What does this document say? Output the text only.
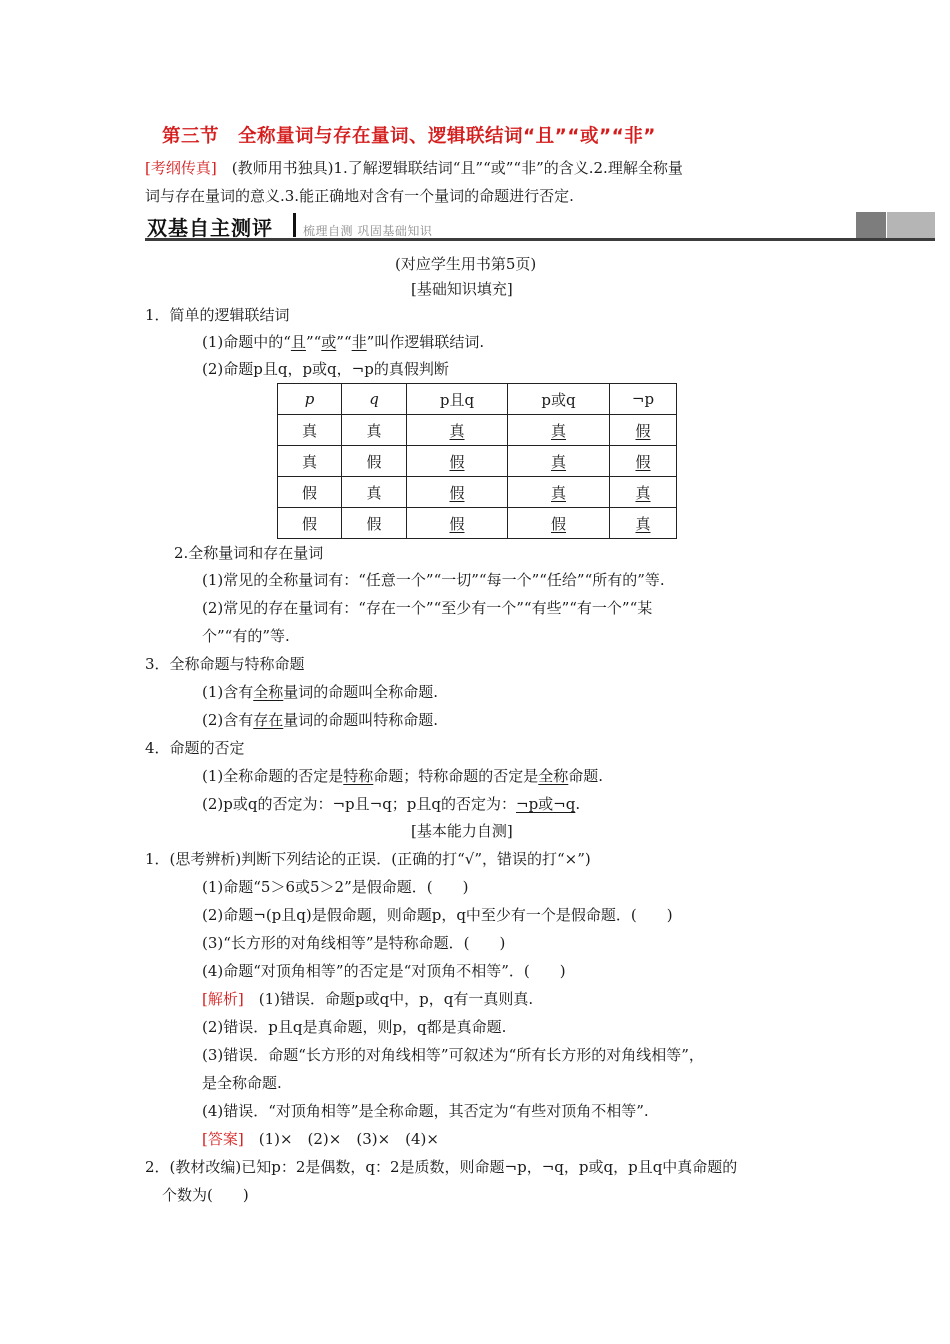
第三节　全称量词与存在量词、逻辑联结词“且”“或”“非”
[考纲传真]　(教师用书独具)1.了解逻辑联结词“且”“或”“非”的含义.2.理解全称量
词与存在量词的意义.3.能正确地对含有一个量词的命题进行否定.
双基自主测评	梳理自测 巩固基础知识
(对应学生用书第5页)
[基础知识填充]
1．简单的逻辑联结词
(1)命题中的“且”“或”“非”叫作逻辑联结词.
(2)命题p且q，p或q，¬p的真假判断
p	q	p且q	p或q	¬p
真	真	真	真	假
真	假	假	真	假
假	真	假	真	真
假	假	假	假	真
2.全称量词和存在量词
(1)常见的全称量词有：“任意一个”“一切”“每一个”“任给”“所有的”等.
(2)常见的存在量词有：“存在一个”“至少有一个”“有些”“有一个”“某
个”“有的”等.
3．全称命题与特称命题
(1)含有全称量词的命题叫全称命题.
(2)含有存在量词的命题叫特称命题.
4．命题的否定
(1)全称命题的否定是特称命题；特称命题的否定是全称命题.
(2)p或q的否定为：¬p且¬q；p且q的否定为：¬p或¬q.
[基本能力自测]
1．(思考辨析)判断下列结论的正误．(正确的打“√”，错误的打“×”)
(1)命题“5＞6或5＞2”是假命题．(　　)
(2)命题¬(p且q)是假命题，则命题p，q中至少有一个是假命题．(　　)
(3)“长方形的对角线相等”是特称命题．(　　)
(4)命题“对顶角相等”的否定是“对顶角不相等”．(　　)
[解析]　(1)错误．命题p或q中，p，q有一真则真.
(2)错误．p且q是真命题，则p，q都是真命题.
(3)错误．命题“长方形的对角线相等”可叙述为“所有长方形的对角线相等”，
是全称命题.
(4)错误．“对顶角相等”是全称命题，其否定为“有些对顶角不相等”.
[答案]　(1)×　(2)×　(3)×　(4)×
2．(教材改编)已知p：2是偶数，q：2是质数，则命题¬p，¬q，p或q，p且q中真命题的
个数为(　　)
